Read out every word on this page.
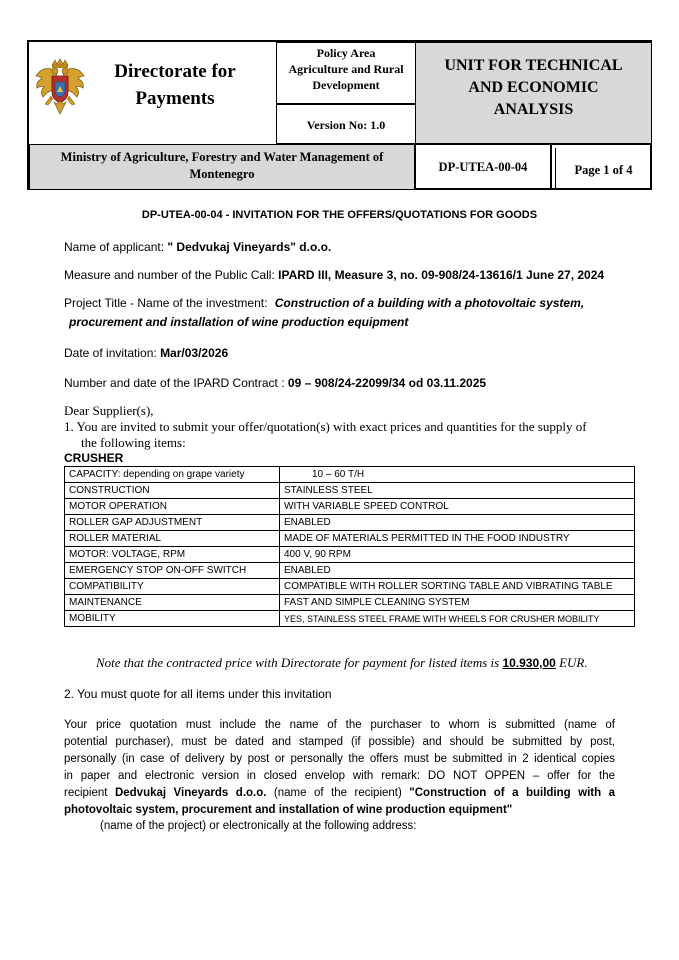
Policy Area
Agriculture and Rural
Development
Version No: 1.0
UNIT FOR TECHNICAL
AND ECONOMIC
ANALYSIS
Ministry of Agriculture, Forestry and Water Management of
Montenegro	DP-UTEA-00-04	Page 1 of 4
Directorate for
Payments
DP-UTEA-00-04 - INVITATION FOR THE OFFERS/QUOTATIONS FOR GOODS
Name of applicant: " Dedvukaj Vineyards" d.o.o.
Measure and number of the Public Call: IPARD III, Measure 3, no. 09-908/24-13616/1 June 27, 2024
Project Title - Name of the investment: Construction of a building with a photovoltaic system,
procurement and installation of wine production equipment
Date of invitation: Mar/03/2026
Number and date of the IPARD Contract : 09 – 908/24-22099/34 od 03.11.2025
Dear Supplier(s),
1. You are invited to submit your offer/quotation(s) with exact prices and quantities for the supply of
the following items:
CRUSHER
CAPACITY: depending on grape variety	10 – 60 T/H
CONSTRUCTION	STAINLESS STEEL
MOTOR OPERATION	WITH VARIABLE SPEED CONTROL
ROLLER GAP ADJUSTMENT	ENABLED
ROLLER MATERIAL	MADE OF MATERIALS PERMITTED IN THE FOOD INDUSTRY
MOTOR: VOLTAGE, RPM	400 V, 90 RPM
EMERGENCY STOP ON-OFF SWITCH	ENABLED
COMPATIBILITY	COMPATIBLE WITH ROLLER SORTING TABLE AND VIBRATING TABLE
MAINTENANCE	FAST AND SIMPLE CLEANING SYSTEM
MOBILITY	YES, STAINLESS STEEL FRAME WITH WHEELS FOR CRUSHER MOBILITY
Note that the contracted price with Directorate for payment for listed items is 10.930,00 EUR.
2. You must quote for all items under this invitation
Your price quotation must include the name of the purchaser to whom is submitted (name of
potential purchaser), must be dated and stamped (if possible) and should be submitted by post,
personally (in case of delivery by post or personally the offers must be submitted in 2 identical copies
in paper and electronic version in closed envelop with remark: DO NOT OPPEN – offer for the
recipient Dedvukaj Vineyards d.o.o. (name of the recipient) "Construction of a building with a
photovoltaic system, procurement and installation of wine production equipment"
(name of the project) or electronically at the following address:
